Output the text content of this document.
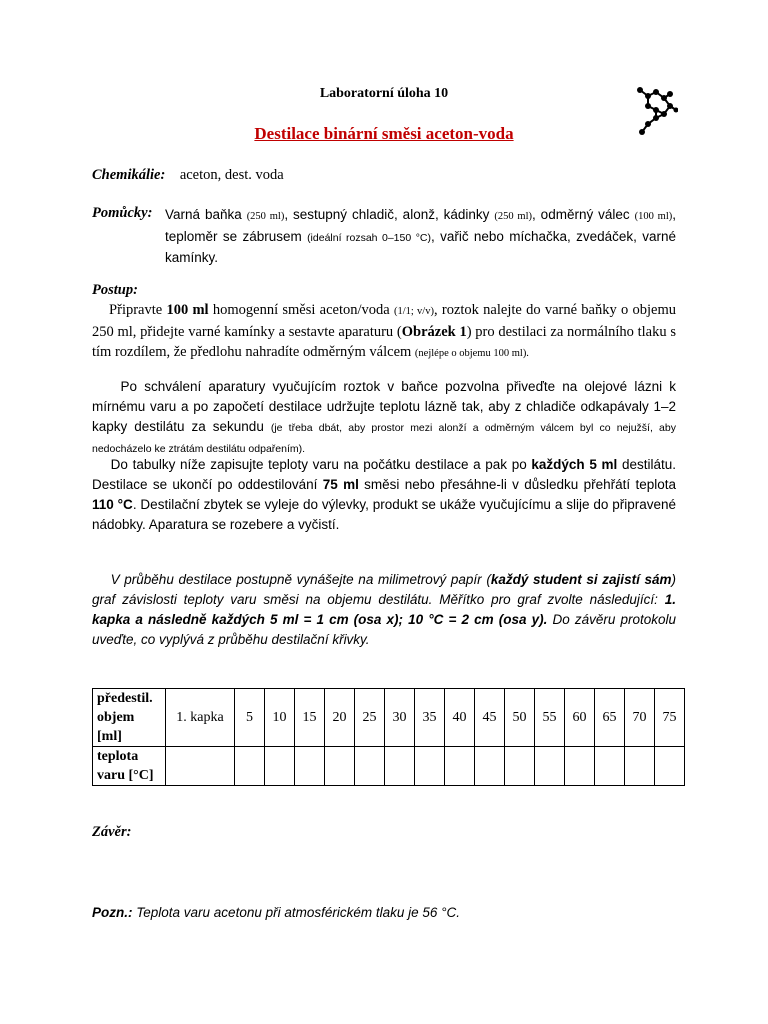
Laboratorní úloha 10
Destilace binární směsi aceton-voda
Chemikálie: aceton, dest. voda
Pomůcky: Varná baňka (250 ml), sestupný chladič, alonž, kádinky (250 ml), odměrný válec (100 ml), teploměr se zábrusem (ideální rozsah 0–150 °C), vařič nebo míchačka, zvedáček, varné kamínky.
Postup:
Připravte 100 ml homogenní směsi aceton/voda (1/1; v/v), roztok nalejte do varné baňky o objemu 250 ml, přidejte varné kamínky a sestavte aparaturu (Obrázek 1) pro destilaci za normálního tlaku s tím rozdílem, že předlohu nahradíte odměrným válcem (nejlépe o objemu 100 ml).
Po schválení aparatury vyučujícím roztok v baňce pozvolna přiveďte na olejové lázni k mírnému varu a po započetí destilace udržujte teplotu lázně tak, aby z chladiče odkapávaly 1–2 kapky destilátu za sekundu (je třeba dbát, aby prostor mezi alonží a odměrným válcem byl co nejužší, aby nedocházelo ke ztrátám destilátu odpařením).
Do tabulky níže zapisujte teploty varu na počátku destilace a pak po každých 5 ml destilátu. Destilace se ukončí po oddestilování 75 ml směsi nebo přesáhne-li v důsledku přehřátí teplota 110 °C. Destilační zbytek se vyleje do výlevky, produkt se ukáže vyučujícímu a slije do připravené nádobky. Aparatura se rozebere a vyčistí.
V průběhu destilace postupně vynášejte na milimetrový papír (každý student si zajistí sám) graf závislosti teploty varu směsi na objemu destilátu. Měřítko pro graf zvolte následující: 1. kapka a následně každých 5 ml = 1 cm (osa x); 10 °C = 2 cm (osa y). Do závěru protokolu uveďte, co vyplývá z průběhu destilační křivky.
předestil.
objem
[ml]	1. kapka	5	10	15	20	25	30	35	40	45	50	55	60	65	70	75

teplota
varu [°C]																

Závěr:
Pozn.: Teplota varu acetonu při atmosférickém tlaku je 56 °C.
